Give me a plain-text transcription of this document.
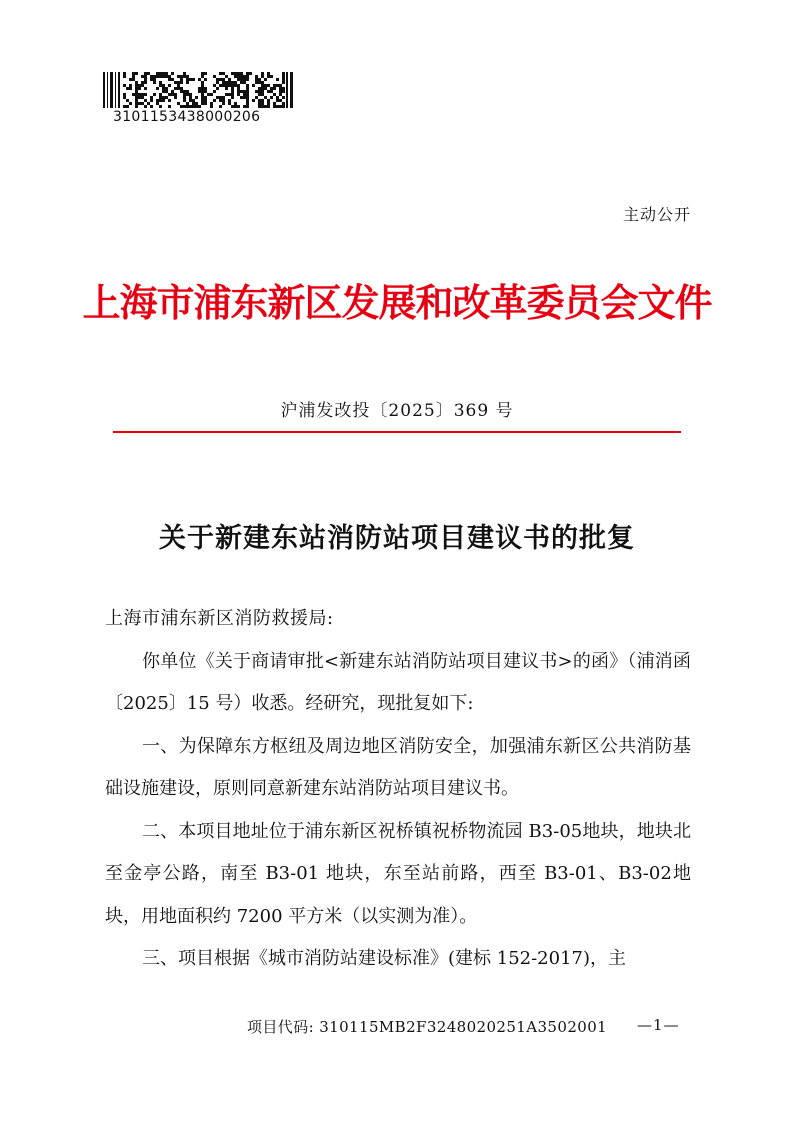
3101153438000206
主动公开
上海市浦东新区发展和改革委员会文件
沪浦发改投〔2025〕369 号
关于新建东站消防站项目建议书的批复

上海市浦东新区消防救援局:

你单位《关于商请审批<新建东站消防站项目建议书>的函》（浦消函〔2025〕15 号）收悉。经研究，现批复如下:

一、为保障东方枢纽及周边地区消防安全，加强浦东新区公共消防基础设施建设，原则同意新建东站消防站项目建议书。

二、本项目地址位于浦东新区祝桥镇祝桥物流园 B3-05地块，地块北至金亭公路，南至 B3-01 地块，东至站前路，西至 B3-01、B3-02地块，用地面积约 7200 平方米（以实测为准）。

三、项目根据《城市消防站建设标准》(建标 152-2017)，主

项目代码: 310115MB2F3248020251A3502001 —1—
